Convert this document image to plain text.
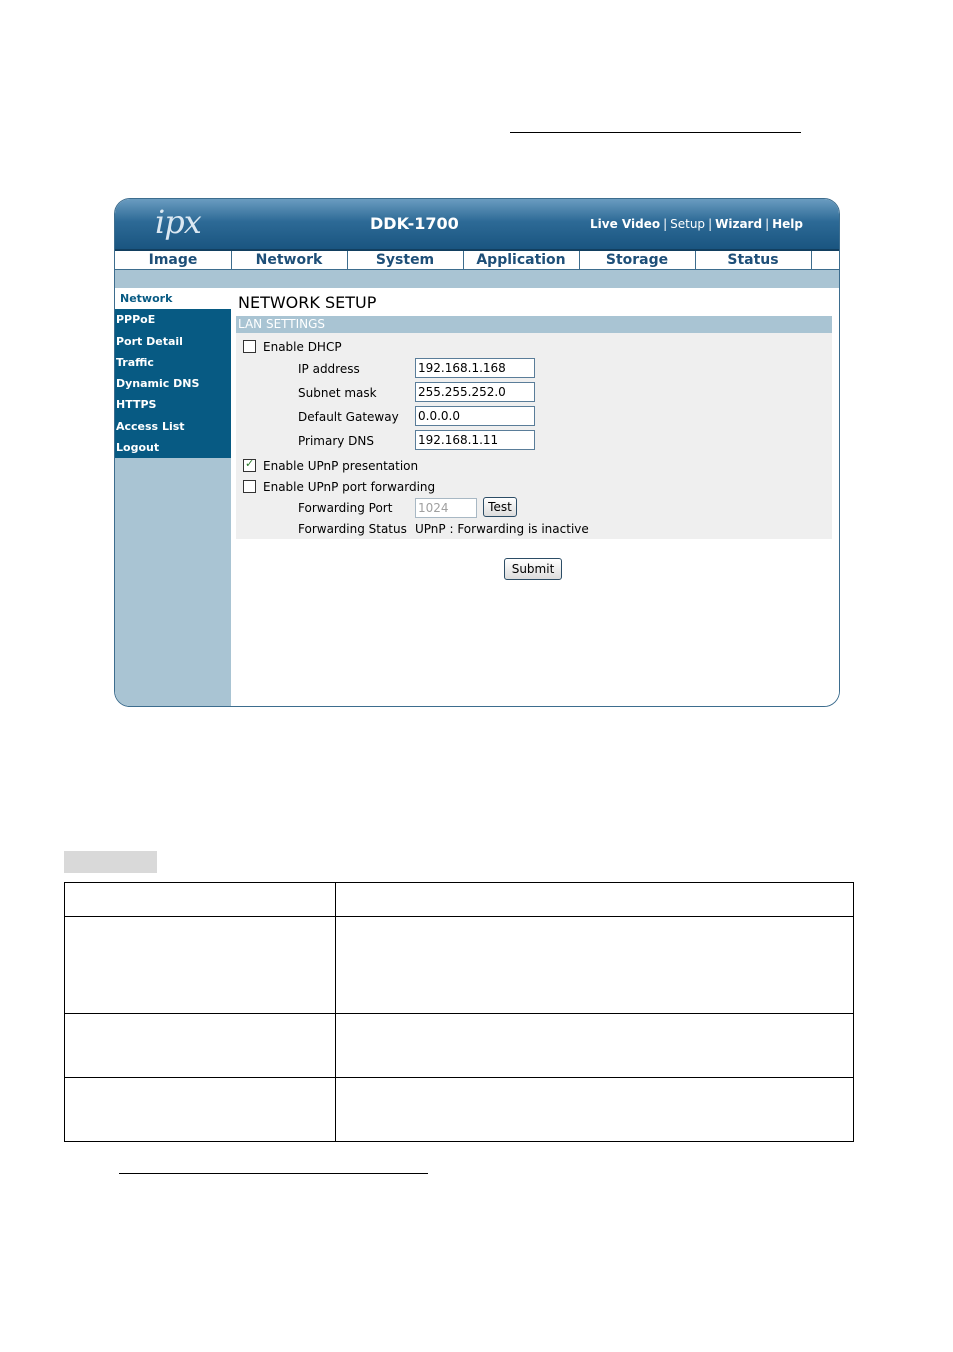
ipx	DDK-1700	Live Video | Setup | Wizard | Help
Image	Network	System	Application	Storage	Status
Network
PPPoE
Port Detail
Traffic
Dynamic DNS
HTTPS
Access List
Logout
NETWORK SETUP
LAN SETTINGS
Enable DHCP
IP address	192.168.1.168
Subnet mask	255.255.252.0
Default Gateway 0.0.0.0
Primary DNS	192.168.1.11
✓Enable UPnP presentation
Enable UPnP port forwarding
Forwarding Port 1024	Test
Forwarding Status UPnP : Forwarding is inactive
Submit
